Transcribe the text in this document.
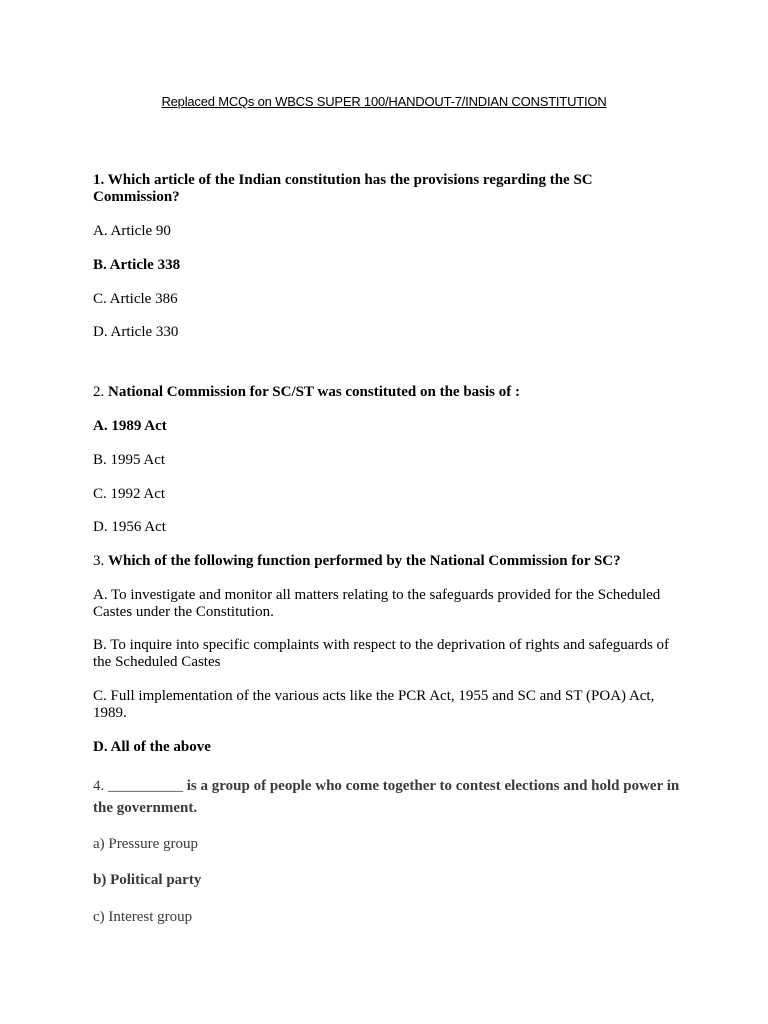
Replaced MCQs on WBCS SUPER 100/HANDOUT-7/INDIAN CONSTITUTION
1. Which article of the Indian constitution has the provisions regarding the SC Commission?
A. Article 90
B. Article 338
C. Article 386
D. Article 330
2. National Commission for SC/ST was constituted on the basis of :
A. 1989 Act
B. 1995 Act
C. 1992 Act
D. 1956 Act
3. Which of the following function performed by the National Commission for SC?
A. To investigate and monitor all matters relating to the safeguards provided for the Scheduled Castes under the Constitution.
B. To inquire into specific complaints with respect to the deprivation of rights and safeguards of the Scheduled Castes
C. Full implementation of the various acts like the PCR Act, 1955 and SC and ST (POA) Act, 1989.
D. All of the above
4. __________ is a group of people who come together to contest elections and hold power in the government.
a) Pressure group
b) Political party
c) Interest group
